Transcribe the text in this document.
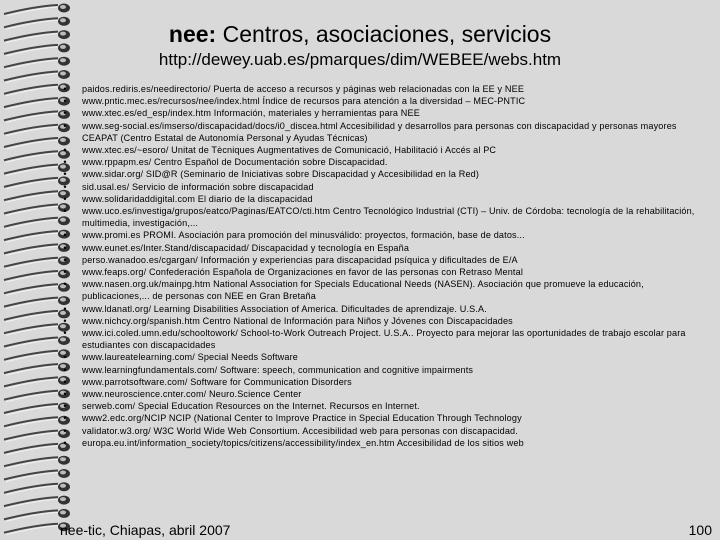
nee: Centros, asociaciones, servicios
http://dewey.uab.es/pmarques/dim/WEBEE/webs.htm
•	paidos.rediris.es/needirectorio/ Puerta de acceso a recursos y páginas web relacionadas con la EE y NEE
•	www.pntic.mec.es/recursos/nee/index.html Índice de recursos para atención a la diversidad – MEC-PNTIC
•	www.xtec.es/ed_esp/index.htm Información, materiales y herramientas para NEE
•	www.seg-social.es/imserso/discapacidad/docs/i0_discea.html Accesibilidad y desarrollos para personas con discapacidad y personas mayores CEAPAT (Centro Estatal de Autonomía Personal y Ayudas Técnicas)
•	www.xtec.es/~esoro/ Unitat de Tècniques Augmentatives de Comunicació, Habilitació i Accés al PC
•	www.rppapm.es/ Centro Español de Documentación sobre Discapacidad.
•	www.sidar.org/ SID@R (Seminario de Iniciativas sobre Discapacidad y Accesibilidad en la Red)
•	sid.usal.es/ Servicio de información sobre discapacidad
•	www.solidaridaddigital.com El diario de la discapacidad
•	www.uco.es/investiga/grupos/eatco/Paginas/EATCO/cti.htm Centro Tecnológico Industrial (CTI) – Univ. de Córdoba: tecnología de la rehabilitación, multimedia, investigación,...
•	www.promi.es PROMI. Asociación para promoción del minusválido: proyectos, formación, base de datos...
•	www.eunet.es/Inter.Stand/discapacidad/ Discapacidad y tecnología en España
•	perso.wanadoo.es/cgargan/ Información y experiencias para discapacidad psíquica y dificultades de E/A
•	www.feaps.org/ Confederación Española de Organizaciones en favor de las personas con Retraso Mental
•	www.nasen.org.uk/mainpg.htm National Association for Specials Educational Needs (NASEN). Asociación que promueve la educación, publicaciones,... de personas con NEE en Gran Bretaña
•	www.ldanatl.org/ Learning Disabilities Association of America. Dificultades de aprendizaje. U.S.A.
•	www.nichcy.org/spanish.htm Centro National de Información para Niños y Jóvenes con Discapacidades
•	www.ici.coled.umn.edu/schooltowork/ School-to-Work Outreach Project. U.S.A.. Proyecto para mejorar las oportunidades de trabajo escolar para estudiantes con discapacidades
•	www.laureatelearning.com/ Special Needs Software
•	www.learningfundamentals.com/ Software: speech, communication and cognitive impairments
•	www.parrotsoftware.com/ Software for Communication Disorders
•	www.neuroscience.cnter.com/ Neuro.Science Center
•	serweb.com/ Special Education Resources on the Internet. Recursos en Internet.
•	www2.edc.org/NCIP NCIP (National Center to Improve Practice in Special Education Through Technology
•	validator.w3.org/ W3C World Wide Web Consortium. Accesibilidad web para personas con discapacidad.
•	europa.eu.int/information_society/topics/citizens/accessibility/index_en.htm Accesibilidad de los sitios web
nee-tic, Chiapas, abril 2007	100
